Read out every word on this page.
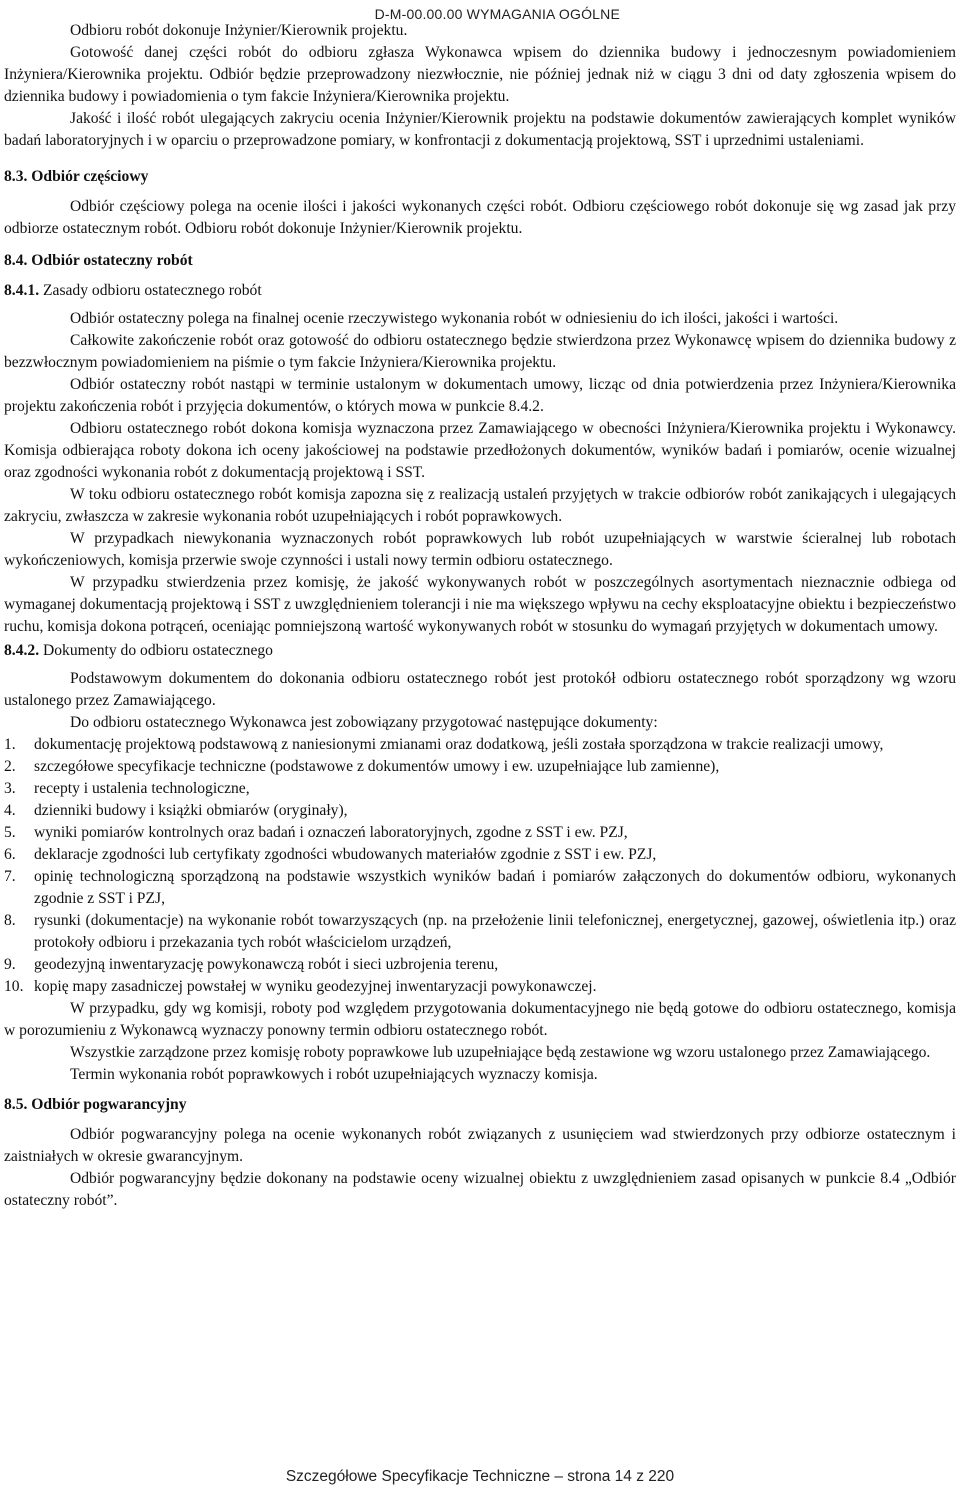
D-M-00.00.00 WYMAGANIA OGÓLNE

Odbioru robót dokonuje Inżynier/Kierownik projektu.

Gotowość danej części robót do odbioru zgłasza Wykonawca wpisem do dziennika budowy i jednoczesnym powiadomieniem Inżyniera/Kierownika projektu. Odbiór będzie przeprowadzony niezwłocznie, nie później jednak niż w ciągu 3 dni od daty zgłoszenia wpisem do dziennika budowy i powiadomienia o tym fakcie Inżyniera/Kierownika projektu.

Jakość i ilość robót ulegających zakryciu ocenia Inżynier/Kierownik projektu na podstawie dokumentów zawierających komplet wyników badań laboratoryjnych i w oparciu o przeprowadzone pomiary, w konfrontacji z dokumentacją projektową, SST i uprzednimi ustaleniami.

8.3. Odbiór częściowy

Odbiór częściowy polega na ocenie ilości i jakości wykonanych części robót. Odbioru częściowego robót dokonuje się wg zasad jak przy odbiorze ostatecznym robót. Odbioru robót dokonuje Inżynier/Kierownik projektu.

8.4. Odbiór ostateczny robót
8.4.1. Zasady odbioru ostatecznego robót

Odbiór ostateczny polega na finalnej ocenie rzeczywistego wykonania robót w odniesieniu do ich ilości, jakości i wartości.

Całkowite zakończenie robót oraz gotowość do odbioru ostatecznego będzie stwierdzona przez Wykonawcę wpisem do dziennika budowy z bezzwłocznym powiadomieniem na piśmie o tym fakcie Inżyniera/Kierownika projektu.

Odbiór ostateczny robót nastąpi w terminie ustalonym w dokumentach umowy, licząc od dnia potwierdzenia przez Inżyniera/Kierownika projektu zakończenia robót i przyjęcia dokumentów, o których mowa w punkcie 8.4.2.

Odbioru ostatecznego robót dokona komisja wyznaczona przez Zamawiającego w obecności Inżyniera/Kierownika projektu i Wykonawcy. Komisja odbierająca roboty dokona ich oceny jakościowej na podstawie przedłożonych dokumentów, wyników badań i pomiarów, ocenie wizualnej oraz zgodności wykonania robót z dokumentacją projektową i SST.

W toku odbioru ostatecznego robót komisja zapozna się z realizacją ustaleń przyjętych w trakcie odbiorów robót zanikających i ulegających zakryciu, zwłaszcza w zakresie wykonania robót uzupełniających i robót poprawkowych.

W przypadkach niewykonania wyznaczonych robót poprawkowych lub robót uzupełniających w warstwie ścieralnej lub robotach wykończeniowych, komisja przerwie swoje czynności i ustali nowy termin odbioru ostatecznego.

W przypadku stwierdzenia przez komisję, że jakość wykonywanych robót w poszczególnych asortymentach nieznacznie odbiega od wymaganej dokumentacją projektową i SST z uwzględnieniem tolerancji i nie ma większego wpływu na cechy eksploatacyjne obiektu i bezpieczeństwo ruchu, komisja dokona potrąceń, oceniając pomniejszoną wartość wykonywanych robót w stosunku do wymagań przyjętych w dokumentach umowy.

8.4.2. Dokumenty do odbioru ostatecznego

Podstawowym dokumentem do dokonania odbioru ostatecznego robót jest protokół odbioru ostatecznego robót sporządzony wg wzoru ustalonego przez Zamawiającego.

Do odbioru ostatecznego Wykonawca jest zobowiązany przygotować następujące dokumenty:

1.	dokumentację projektową podstawową z naniesionymi zmianami oraz dodatkową, jeśli została sporządzona w trakcie realizacji umowy,
2.	szczegółowe specyfikacje techniczne (podstawowe z dokumentów umowy i ew. uzupełniające lub zamienne),
3.	recepty i ustalenia technologiczne,
4.	dzienniki budowy i książki obmiarów (oryginały),
5.	wyniki pomiarów kontrolnych oraz badań i oznaczeń laboratoryjnych, zgodne z SST i ew. PZJ,
6.	deklaracje zgodności lub certyfikaty zgodności wbudowanych materiałów zgodnie z SST i ew. PZJ,
7.	opinię technologiczną sporządzoną na podstawie wszystkich wyników badań i pomiarów załączonych do dokumentów odbioru, wykonanych zgodnie z SST i PZJ,
8.	rysunki (dokumentacje) na wykonanie robót towarzyszących (np. na przełożenie linii telefonicznej, energetycznej, gazowej, oświetlenia itp.) oraz protokoły odbioru i przekazania tych robót właścicielom urządzeń,
9.	geodezyjną inwentaryzację powykonawczą robót i sieci uzbrojenia terenu,
10. kopię mapy zasadniczej powstałej w wyniku geodezyjnej inwentaryzacji powykonawczej.

W przypadku, gdy wg komisji, roboty pod względem przygotowania dokumentacyjnego nie będą gotowe do odbioru ostatecznego, komisja w porozumieniu z Wykonawcą wyznaczy ponowny termin odbioru ostatecznego robót.

Wszystkie zarządzone przez komisję roboty poprawkowe lub uzupełniające będą zestawione wg wzoru ustalonego przez Zamawiającego.

Termin wykonania robót poprawkowych i robót uzupełniających wyznaczy komisja.

8.5. Odbiór pogwarancyjny

Odbiór pogwarancyjny polega na ocenie wykonanych robót związanych z usunięciem wad stwierdzonych przy odbiorze ostatecznym i zaistniałych w okresie gwarancyjnym.

Odbiór pogwarancyjny będzie dokonany na podstawie oceny wizualnej obiektu z uwzględnieniem zasad opisanych w punkcie 8.4 „Odbiór ostateczny robót”.

Szczegółowe Specyfikacje Techniczne – strona 14 z 220
